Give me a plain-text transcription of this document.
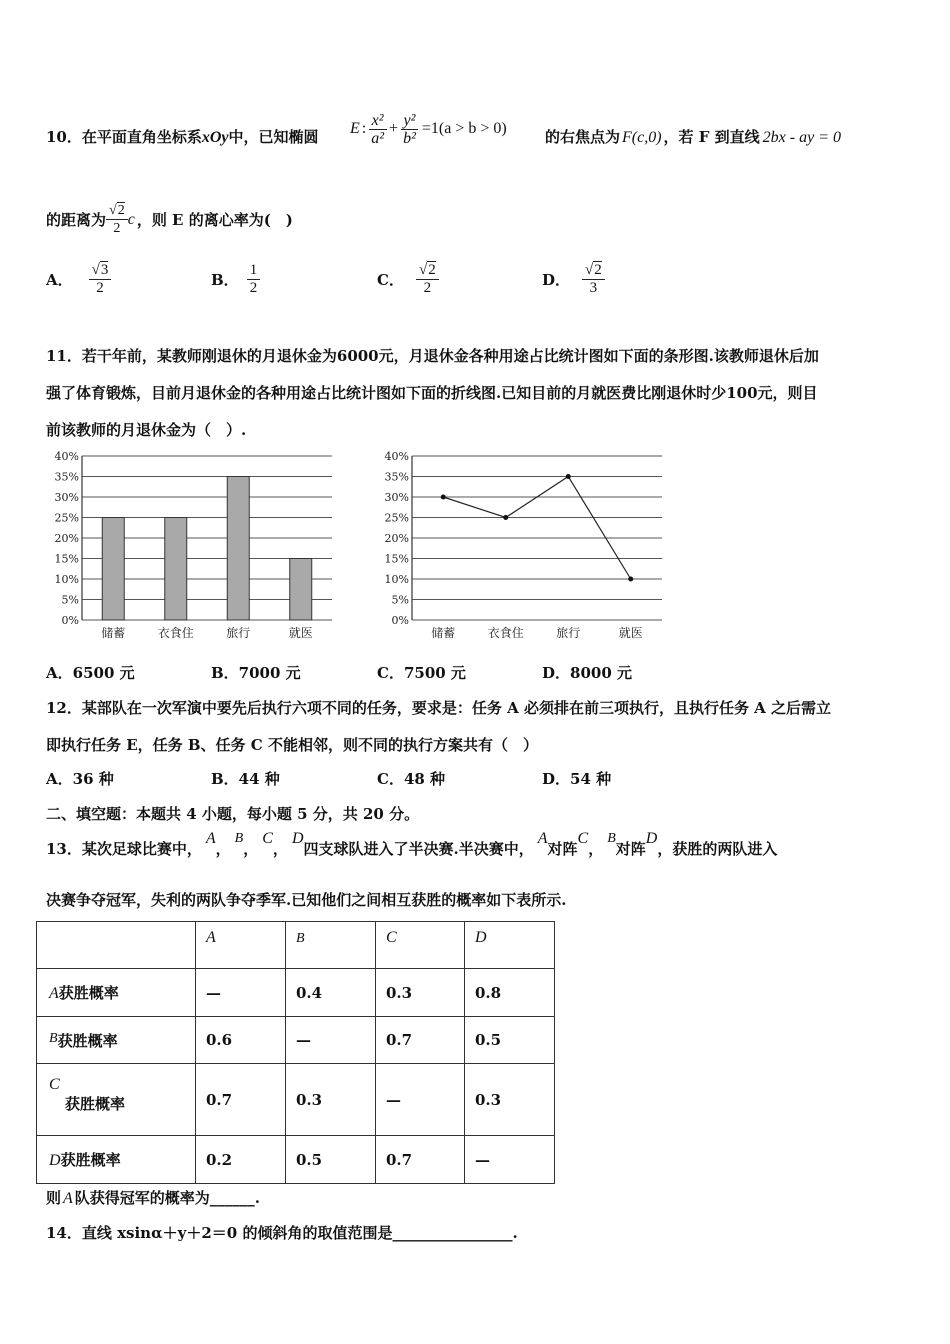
10．在平面直角坐标系xOy中，已知椭圆 E : $\frac{\text{x²}}{\text{a²}} + \frac{\text{y²}}{\text{b²}} =1(a > b > 0)$	的右焦点为 F(c,0) ，若 F 到直线 2bx - ay = 0
的距离为 $\frac{√2}{2}$ c ，则 E 的离心率为(　)
A． $\frac{√3}{2}$	B． $\frac{1}{2}$	C． $\frac{√2}{2}$	D． $\frac{√2}{3}$
11．若干年前，某教师刚退休的月退休金为6000元，月退休金各种用途占比统计图如下面的条形图.该教师退休后加
强了体育锻炼，目前月退休金的各种用途占比统计图如下面的折线图.已知目前的月就医费比刚退休时少100元，则目
前该教师的月退休金为（　）.
0%
5%
10%
15%
20%
25%
30%
35%
40%
储蓄	衣食住	旅行	就医
0%
5%
10%
15%
20%
25%
30%
35%
40%
储蓄	衣食住	旅行	就医
A．6500 元	B．7000 元	C．7500 元	D．8000 元
12．某部队在一次军演中要先后执行六项不同的任务，要求是：任务 A 必须排在前三项执行，且执行任务 A 之后需立
即执行任务 E，任务 B、任务 C 不能相邻，则不同的执行方案共有（　）
A．36 种	B．44 种	C．48 种	D．54 种
二、填空题：本题共 4 小题，每小题 5 分，共 20 分。
13．某次足球比赛中，
A
，
B
，
C
，
D
四支球队进入了半决赛.半决赛中，
A
对阵
C
，
B
对阵
D
，获胜的两队进入
决赛争夺冠军，失利的两队争夺季军.已知他们之间相互获胜的概率如下表所示.
	A	B	C	D
A获胜概率	—	0.4	0.3	0.8
B获胜概率	0.6	—	0.7	0.5

C
获胜概率	0.7	0.3	—	0.3
D获胜概率	0.2	0.5	0.7	—
则 A 队获得冠军的概率为______.
14．直线 xsinα＋y＋2＝0 的倾斜角的取值范围是________________.
